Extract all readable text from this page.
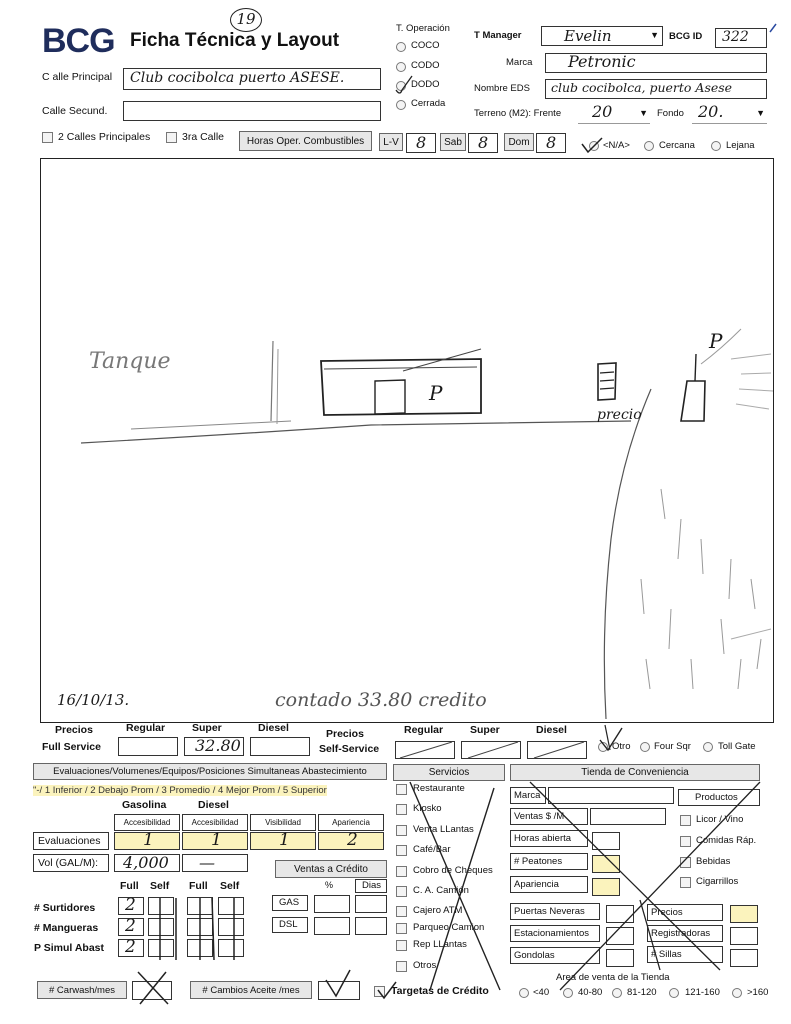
BCG Ficha Técnica y Layout
19
C alle Principal Club cocibolca puerto ASESE.
Calle Secund.
2 Calles Principales	3ra Calle	Horas Oper. Combustibles	L-V 8	Sab 8	Dom 8
T. Operación
COCO
CODO
DODO
Cerrada
T Manager	Evelin	▼ BCG ID 322
Marca Petronic
Nombre EDS club cocibolca, puerto Asese
Terreno (M2): Frente 20	▼ Fondo 20.	▼
<N/A>	Cercana	Lejana
Tanque
P
precio
P
16/10/13.	contado 33.80 credito
Precios
Full Service
Regular	Super	Diesel
32.80
Precios
Self-Service
Regular	Super	Diesel
Otro Four Sqr	Toll Gate
Evaluaciones/Volumenes/Equipos/Posiciones Simultaneas Abastecimiento
"-/ 1 Inferior / 2 Debajo Prom / 3 Promedio / 4 Mejor Prom / 5 Superior
Gasolina	Diesel
Accesibilidad	Accesibilidad	Visibilidad	Apariencia
Evaluaciones	1	1	1	2
Vol (GAL/M): 4,000 —
Full Self Full Self
# Surtidores
# Mangueras
P Simul Abast
2
2
2
Ventas a Crédito
%	Dias
GAS
DSL
# Carwash/mes	# Cambios Aceite /mes
Servicios
Restaurante
Kiosko
Venta LLantas
Café/Bar
Cobro de Cheques
C. A. Camión
Cajero ATM
Parqueo Camion
Rep LLantas
Otros
Targetas de Crédito
Tienda de Conveniencia
Marca	Productos
Ventas $ /M
Horas abierta
# Peatones
Apariencia
Licor / Vino
Comidas Ráp.
Bebidas
Cigarrillos
Puertas Neveras
Estacionamientos
Gondolas
Precios
Registradoras
# Sillas
Area de venta de la Tienda
<40	40-80	81-120	121-160	>160
